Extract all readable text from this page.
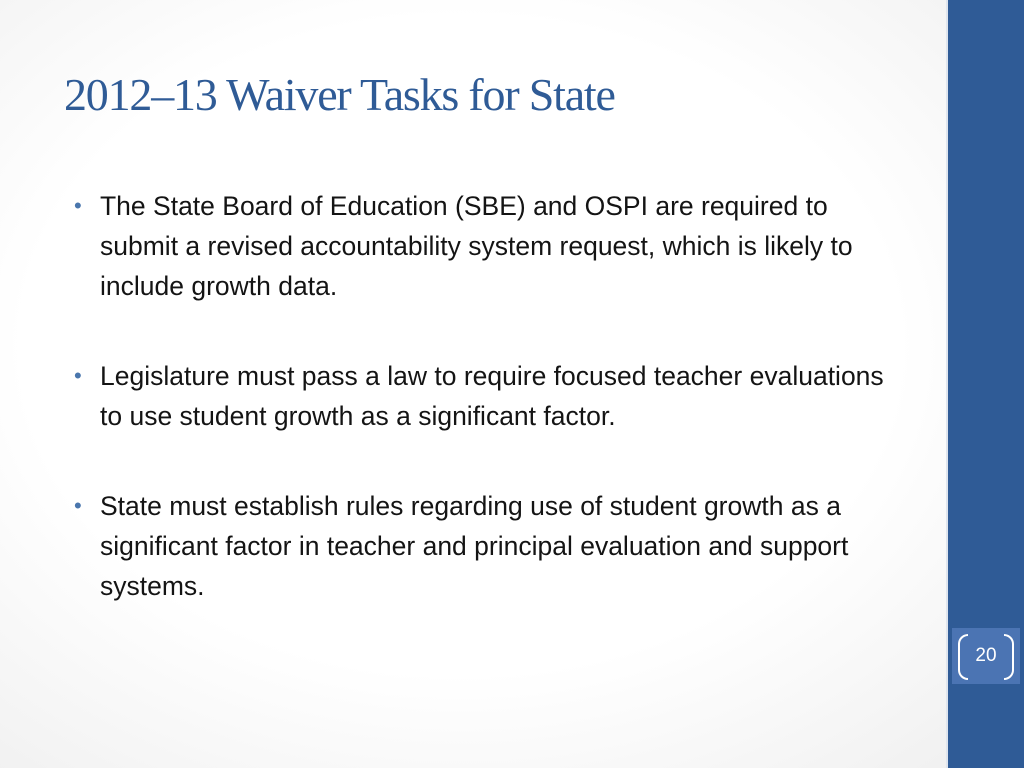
2012–13 Waiver Tasks for State
• The State Board of Education (SBE) and OSPI are required to submit a revised accountability system request, which is likely to include growth data.
• Legislature must pass a law to require focused teacher evaluations to use student growth as a significant factor.
• State must establish rules regarding use of student growth as a significant factor in teacher and principal evaluation and support systems.
20
